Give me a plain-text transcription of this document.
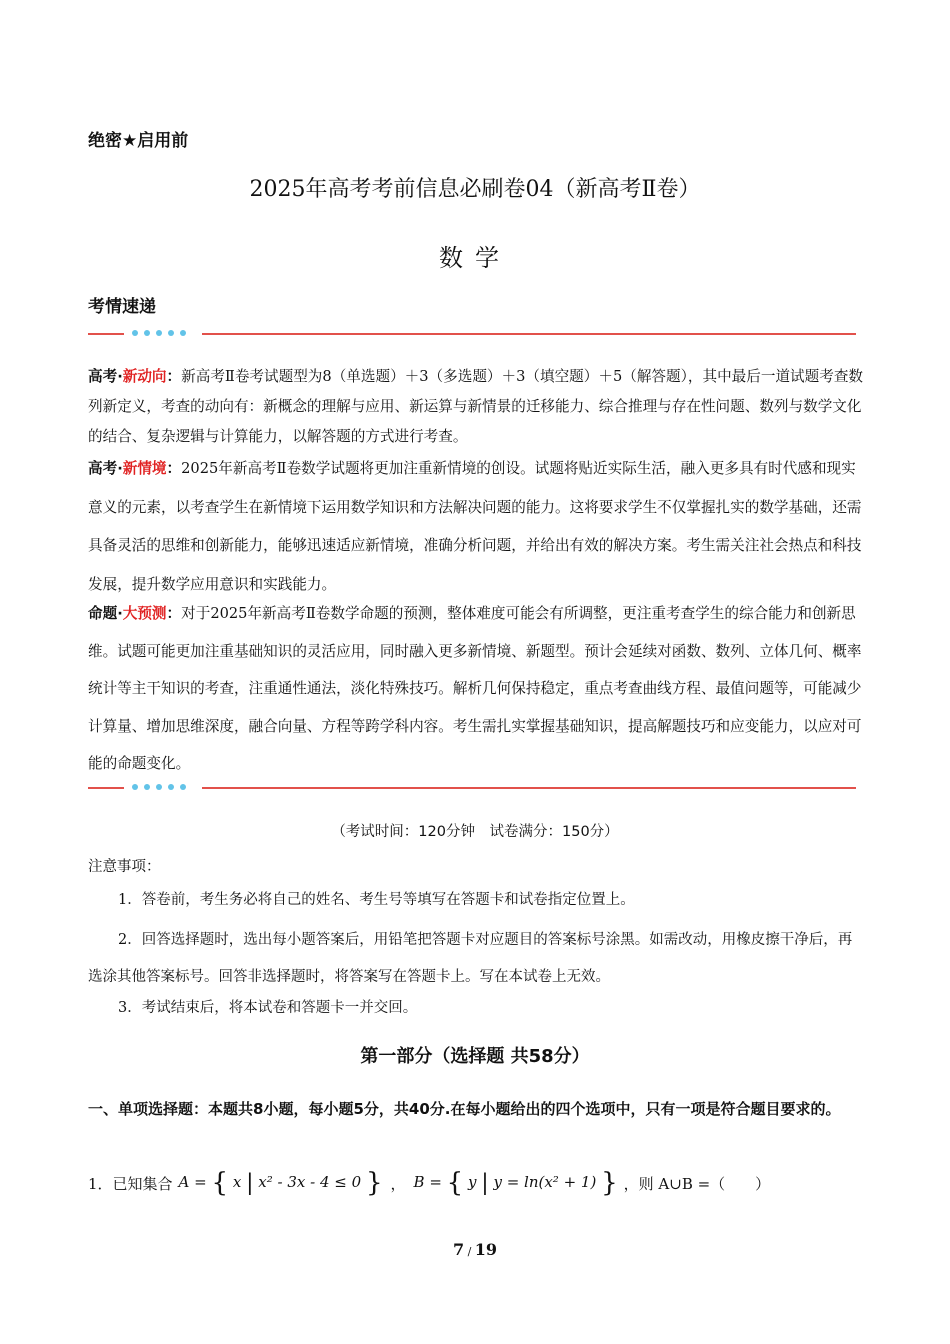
绝密★启用前
2025年高考考前信息必刷卷04（新高考Ⅱ卷）
数学
考情速递
高考·新动向：新高考Ⅱ卷考试题型为8（单选题）＋3（多选题）＋3（填空题）＋5（解答题），其中最后一道试题考查数列新定义，考查的动向有：新概念的理解与应用、新运算与新情景的迁移能力、综合推理与存在性问题、数列与数学文化的结合、复杂逻辑与计算能力，以解答题的方式进行考查。
高考·新情境：2025年新高考Ⅱ卷数学试题将更加注重新情境的创设。试题将贴近实际生活，融入更多具有时代感和现实意义的元素，以考查学生在新情境下运用数学知识和方法解决问题的能力。这将要求学生不仅掌握扎实的数学基础，还需具备灵活的思维和创新能力，能够迅速适应新情境，准确分析问题，并给出有效的解决方案。考生需关注社会热点和科技发展，提升数学应用意识和实践能力。
命题·大预测：对于2025年新高考Ⅱ卷数学命题的预测，整体难度可能会有所调整，更注重考查学生的综合能力和创新思维。试题可能更加注重基础知识的灵活应用，同时融入更多新情境、新题型。预计会延续对函数、数列、立体几何、概率统计等主干知识的考查，注重通性通法，淡化特殊技巧。解析几何保持稳定，重点考查曲线方程、最值问题等，可能减少计算量、增加思维深度，融合向量、方程等跨学科内容。考生需扎实掌握基础知识，提高解题技巧和应变能力，以应对可能的命题变化。
（考试时间：120分钟　试卷满分：150分）
注意事项：
1．答卷前，考生务必将自己的姓名、考生号等填写在答题卡和试卷指定位置上。
2．回答选择题时，选出每小题答案后，用铅笔把答题卡对应题目的答案标号涂黑。如需改动，用橡皮擦干净后，再选涂其他答案标号。回答非选择题时，将答案写在答题卡上。写在本试卷上无效。
3．考试结束后，将本试卷和答题卡一并交回。
第一部分（选择题 共58分）
一、单项选择题：本题共8小题，每小题5分，共40分.在每小题给出的四个选项中，只有一项是符合题目要求的。
1．已知集合 A = { x | x² - 3x - 4 ≤ 0 } ， B = { y | y = ln(x² + 1) } ，则 A∪B =（　　）
7 / 19
